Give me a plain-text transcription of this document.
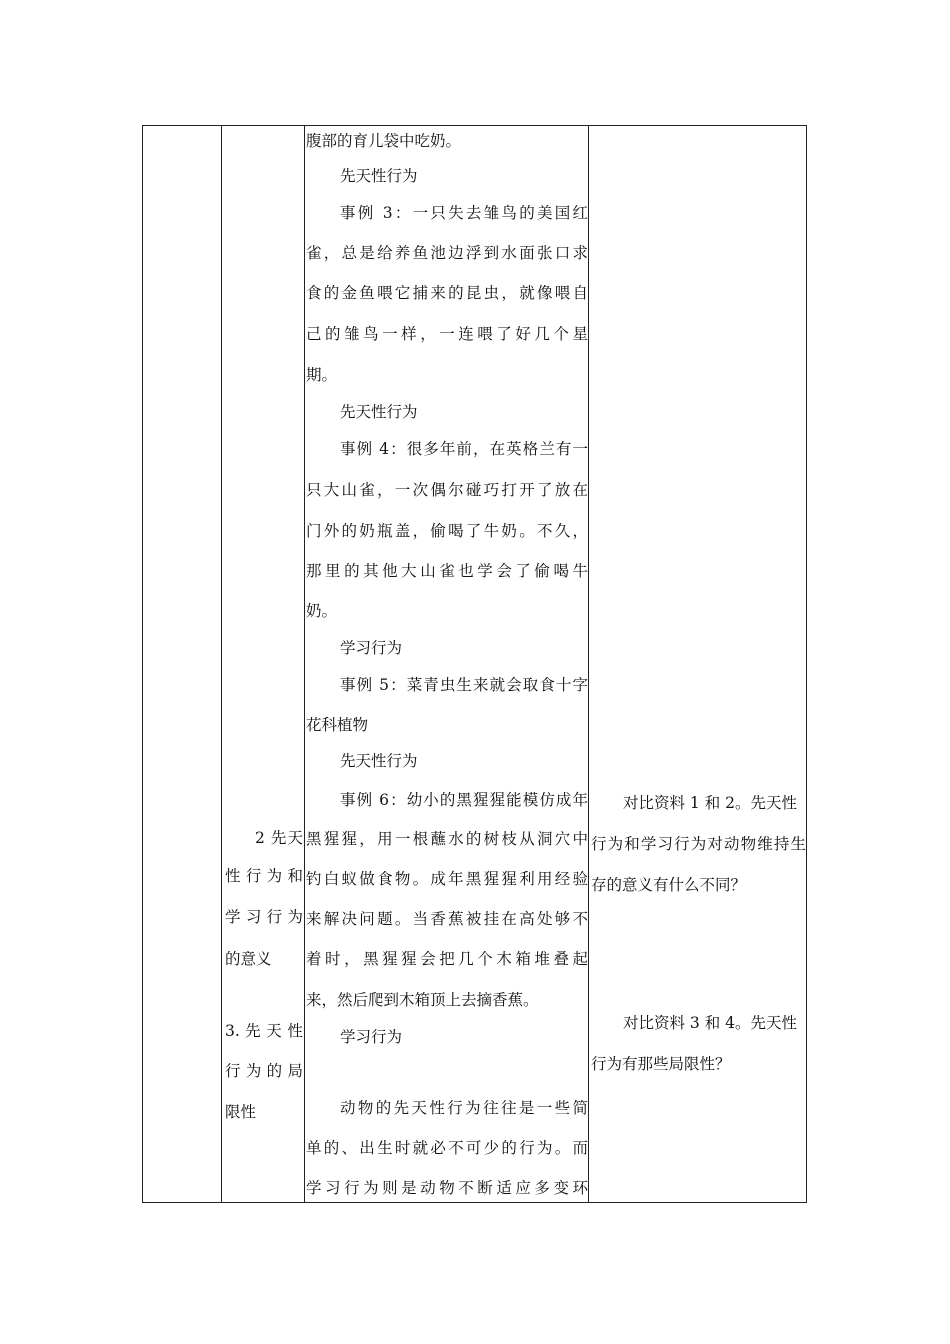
2 先天
性 行 为 和
学 习 行 为
的意义
3. 先 天 性
行 为 的 局
限性
腹部的育儿袋中吃奶。
先天性行为
事例 3：一只失去雏鸟的美国红
雀，总是给养鱼池边浮到水面张口求
食的金鱼喂它捕来的昆虫，就像喂自
己的雏鸟一样，一连喂了好几个星
期。
先天性行为
事例 4：很多年前，在英格兰有一
只大山雀，一次偶尔碰巧打开了放在
门外的奶瓶盖，偷喝了牛奶。不久，
那里的其他大山雀也学会了偷喝牛
奶。
学习行为
事例 5：菜青虫生来就会取食十字
花科植物
先天性行为
事例 6：幼小的黑猩猩能模仿成年
黑猩猩，用一根蘸水的树枝从洞穴中
钓白蚁做食物。成年黑猩猩利用经验
来解决问题。当香蕉被挂在高处够不
着时，黑猩猩会把几个木箱堆叠起
来，然后爬到木箱顶上去摘香蕉。
学习行为
动物的先天性行为往往是一些简
单的、出生时就必不可少的行为。而
学习行为则是动物不断适应多变环
对比资料 1 和 2。先天性
行为和学习行为对动物维持生
存的意义有什么不同？
对比资料 3 和 4。先天性
行为有那些局限性？
